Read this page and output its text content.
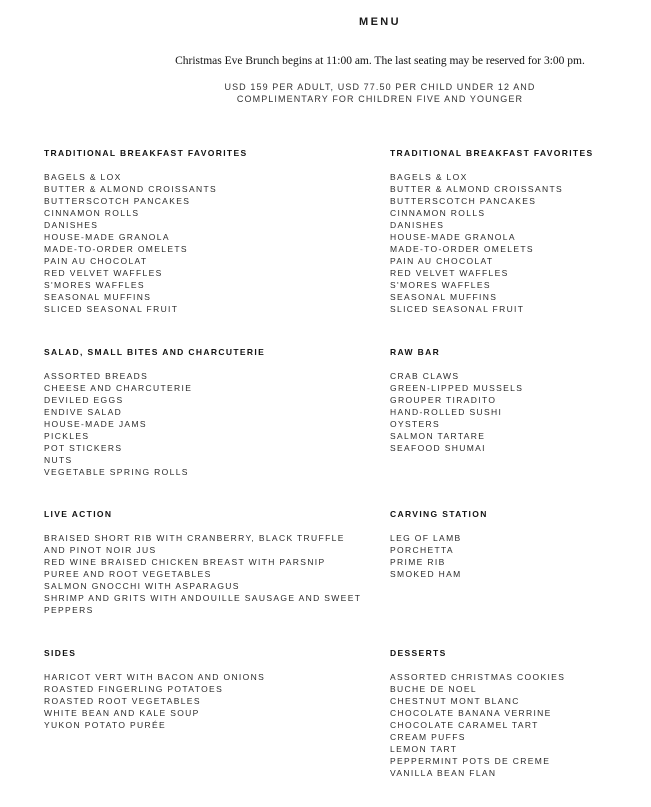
MENU

Christmas Eve Brunch begins at 11:00 am. The last seating may be reserved for 3:00 pm.

USD 159 PER ADULT, USD 77.50 PER CHILD UNDER 12 AND
COMPLIMENTARY FOR CHILDREN FIVE AND YOUNGER
TRADITIONAL BREAKFAST FAVORITES
BAGELS & LOX
BUTTER & ALMOND CROISSANTS
BUTTERSCOTCH PANCAKES
CINNAMON ROLLS
DANISHES
HOUSE-MADE GRANOLA
MADE-TO-ORDER OMELETS
PAIN AU CHOCOLAT
RED VELVET WAFFLES
S'MORES WAFFLES
SEASONAL MUFFINS
SLICED SEASONAL FRUIT
TRADITIONAL BREAKFAST FAVORITES
BAGELS & LOX
BUTTER & ALMOND CROISSANTS
BUTTERSCOTCH PANCAKES
CINNAMON ROLLS
DANISHES
HOUSE-MADE GRANOLA
MADE-TO-ORDER OMELETS
PAIN AU CHOCOLAT
RED VELVET WAFFLES
S'MORES WAFFLES
SEASONAL MUFFINS
SLICED SEASONAL FRUIT
SALAD, SMALL BITES AND CHARCUTERIE
ASSORTED BREADS
CHEESE AND CHARCUTERIE
DEVILED EGGS
ENDIVE SALAD
HOUSE-MADE JAMS
PICKLES
POT STICKERS
NUTS
VEGETABLE SPRING ROLLS
RAW BAR
CRAB CLAWS
GREEN-LIPPED MUSSELS
GROUPER TIRADITO
HAND-ROLLED SUSHI
OYSTERS
SALMON TARTARE
SEAFOOD SHUMAI
LIVE ACTION
BRAISED SHORT RIB WITH CRANBERRY, BLACK TRUFFLE AND PINOT NOIR JUS
RED WINE BRAISED CHICKEN BREAST WITH PARSNIP PUREE AND ROOT VEGETABLES
SALMON GNOCCHI WITH ASPARAGUS
SHRIMP AND GRITS WITH ANDOUILLE SAUSAGE AND SWEET PEPPERS
CARVING STATION
LEG OF LAMB
PORCHETTA
PRIME RIB
SMOKED HAM
SIDES
HARICOT VERT WITH BACON AND ONIONS
ROASTED FINGERLING POTATOES
ROASTED ROOT VEGETABLES
WHITE BEAN AND KALE SOUP
YUKON POTATO PURÉE
DESSERTS
ASSORTED CHRISTMAS COOKIES
BUCHE DE NOEL
CHESTNUT MONT BLANC
CHOCOLATE BANANA VERRINE
CHOCOLATE CARAMEL TART
CREAM PUFFS
LEMON TART
PEPPERMINT POTS DE CREME
VANILLA BEAN FLAN
